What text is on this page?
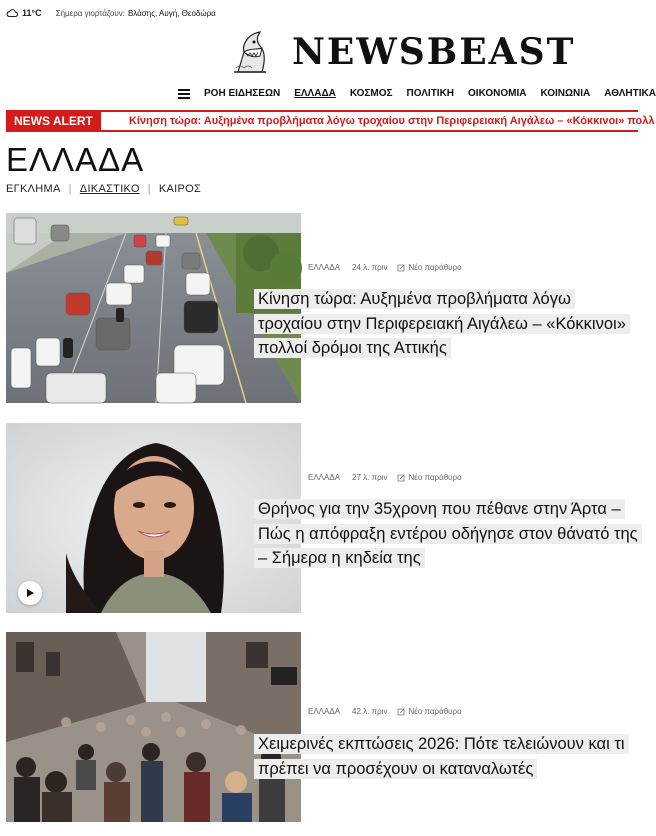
11°C Σήμερα γιορτάζουν: Βλάσης, Αυγή, Θεοδώρα
NEWSBEAST
ΡΟΗ ΕΙΔΗΣΕΩΝ ΕΛΛΑΔΑ ΚΟΣΜΟΣ ΠΟΛΙΤΙΚΗ ΟΙΚΟΝΟΜΙΑ ΚΟΙΝΩΝΙΑ ΑΘΛΗΤΙΚΑ
NEWS ALERT	Κίνηση τώρα: Αυξημένα προβλήματα λόγω τροχαίου στην Περιφερειακή Αιγάλεω – «Κόκκινοι» πολλ
ΕΛΛΑΔΑ
ΕΓΚΛΗΜΑ | ΔΙΚΑΣΤΙΚΟ | ΚΑΙΡΟΣ
ΕΛΛΑΔΑ 24 λ. πριν	Νέο παράθυρο
Κίνηση τώρα: Αυξημένα προβλήματα λόγω τροχαίου στην Περιφερειακή Αιγάλεω – «Κόκκινοι» πολλοί δρόμοι της Αττικής
ΕΛΛΑΔΑ 27 λ. πριν	Νέο παράθυρο
Θρήνος για την 35χρονη που πέθανε στην Άρτα – Πώς η απόφραξη εντέρου οδήγησε στον θάνατό της – Σήμερα η κηδεία της
ΕΛΛΑΔΑ 42 λ. πριν	Νέο παράθυρο
Χειμερινές εκπτώσεις 2026: Πότε τελειώνουν και τι πρέπει να προσέχουν οι καταναλωτές
